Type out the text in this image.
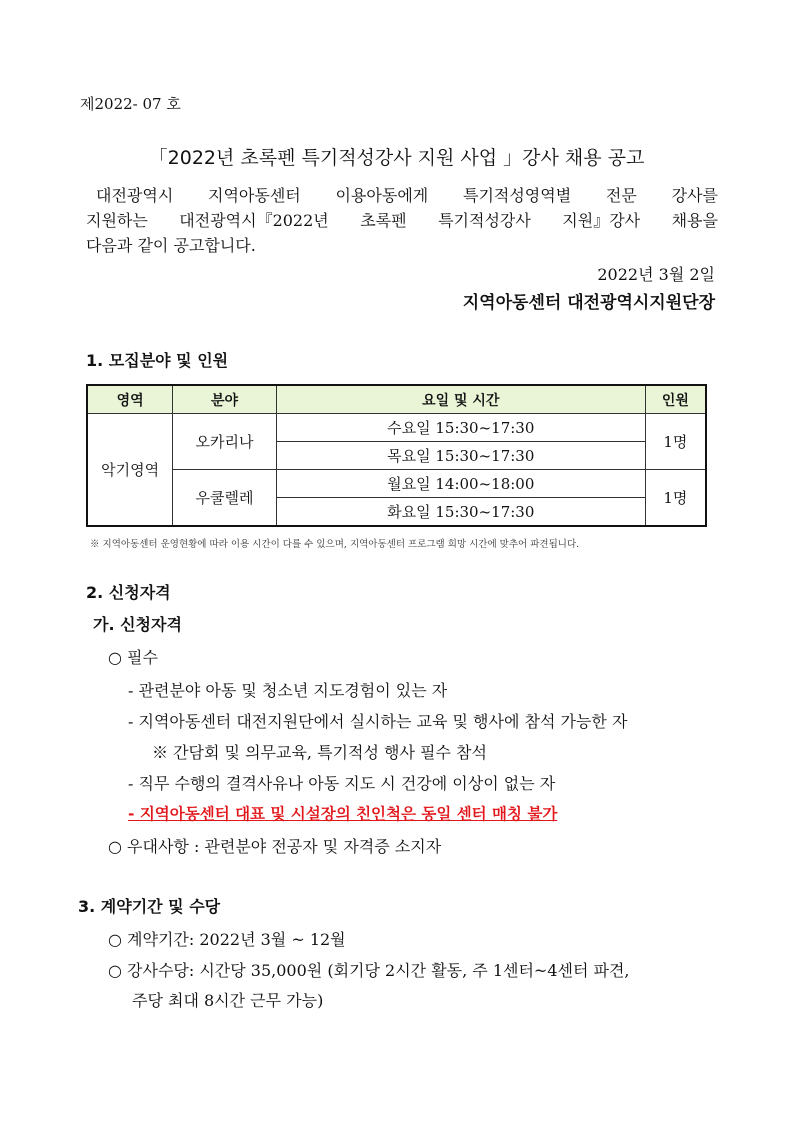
제2022- 07 호
「2022년 초록펜 특기적성강사 지원 사업 」강사 채용 공고
대전광역시 지역아동센터 이용아동에게 특기적성영역별 전문 강사를
지원하는 대전광역시『2022년 초록펜 특기적성강사 지원』강사 채용을
다음과 같이 공고합니다.
2022년 3월 2일
지역아동센터 대전광역시지원단장
1. 모집분야 및 인원
영역	분야	요일 및 시간	인원
악기영역	오카리나	수요일 15:30~17:30	1명
		목요일 15:30~17:30	
	우쿨렐레	월요일 14:00~18:00	1명
		화요일 15:30~17:30	
※ 지역아동센터 운영현황에 따라 이용 시간이 다를 수 있으며, 지역아동센터 프로그램 희망 시간에 맞추어 파견됩니다.
2. 신청자격
가. 신청자격
○ 필수
- 관련분야 아동 및 청소년 지도경험이 있는 자
- 지역아동센터 대전지원단에서 실시하는 교육 및 행사에 참석 가능한 자
※ 간담회 및 의무교육, 특기적성 행사 필수 참석
- 직무 수행의 결격사유나 아동 지도 시 건강에 이상이 없는 자
- 지역아동센터 대표 및 시설장의 친인척은 동일 센터 매칭 불가
○ 우대사항 : 관련분야 전공자 및 자격증 소지자
3. 계약기간 및 수당
○ 계약기간: 2022년 3월 ~ 12월
○ 강사수당: 시간당 35,000원 (회기당 2시간 활동, 주 1센터~4센터 파견,
주당 최대 8시간 근무 가능)
